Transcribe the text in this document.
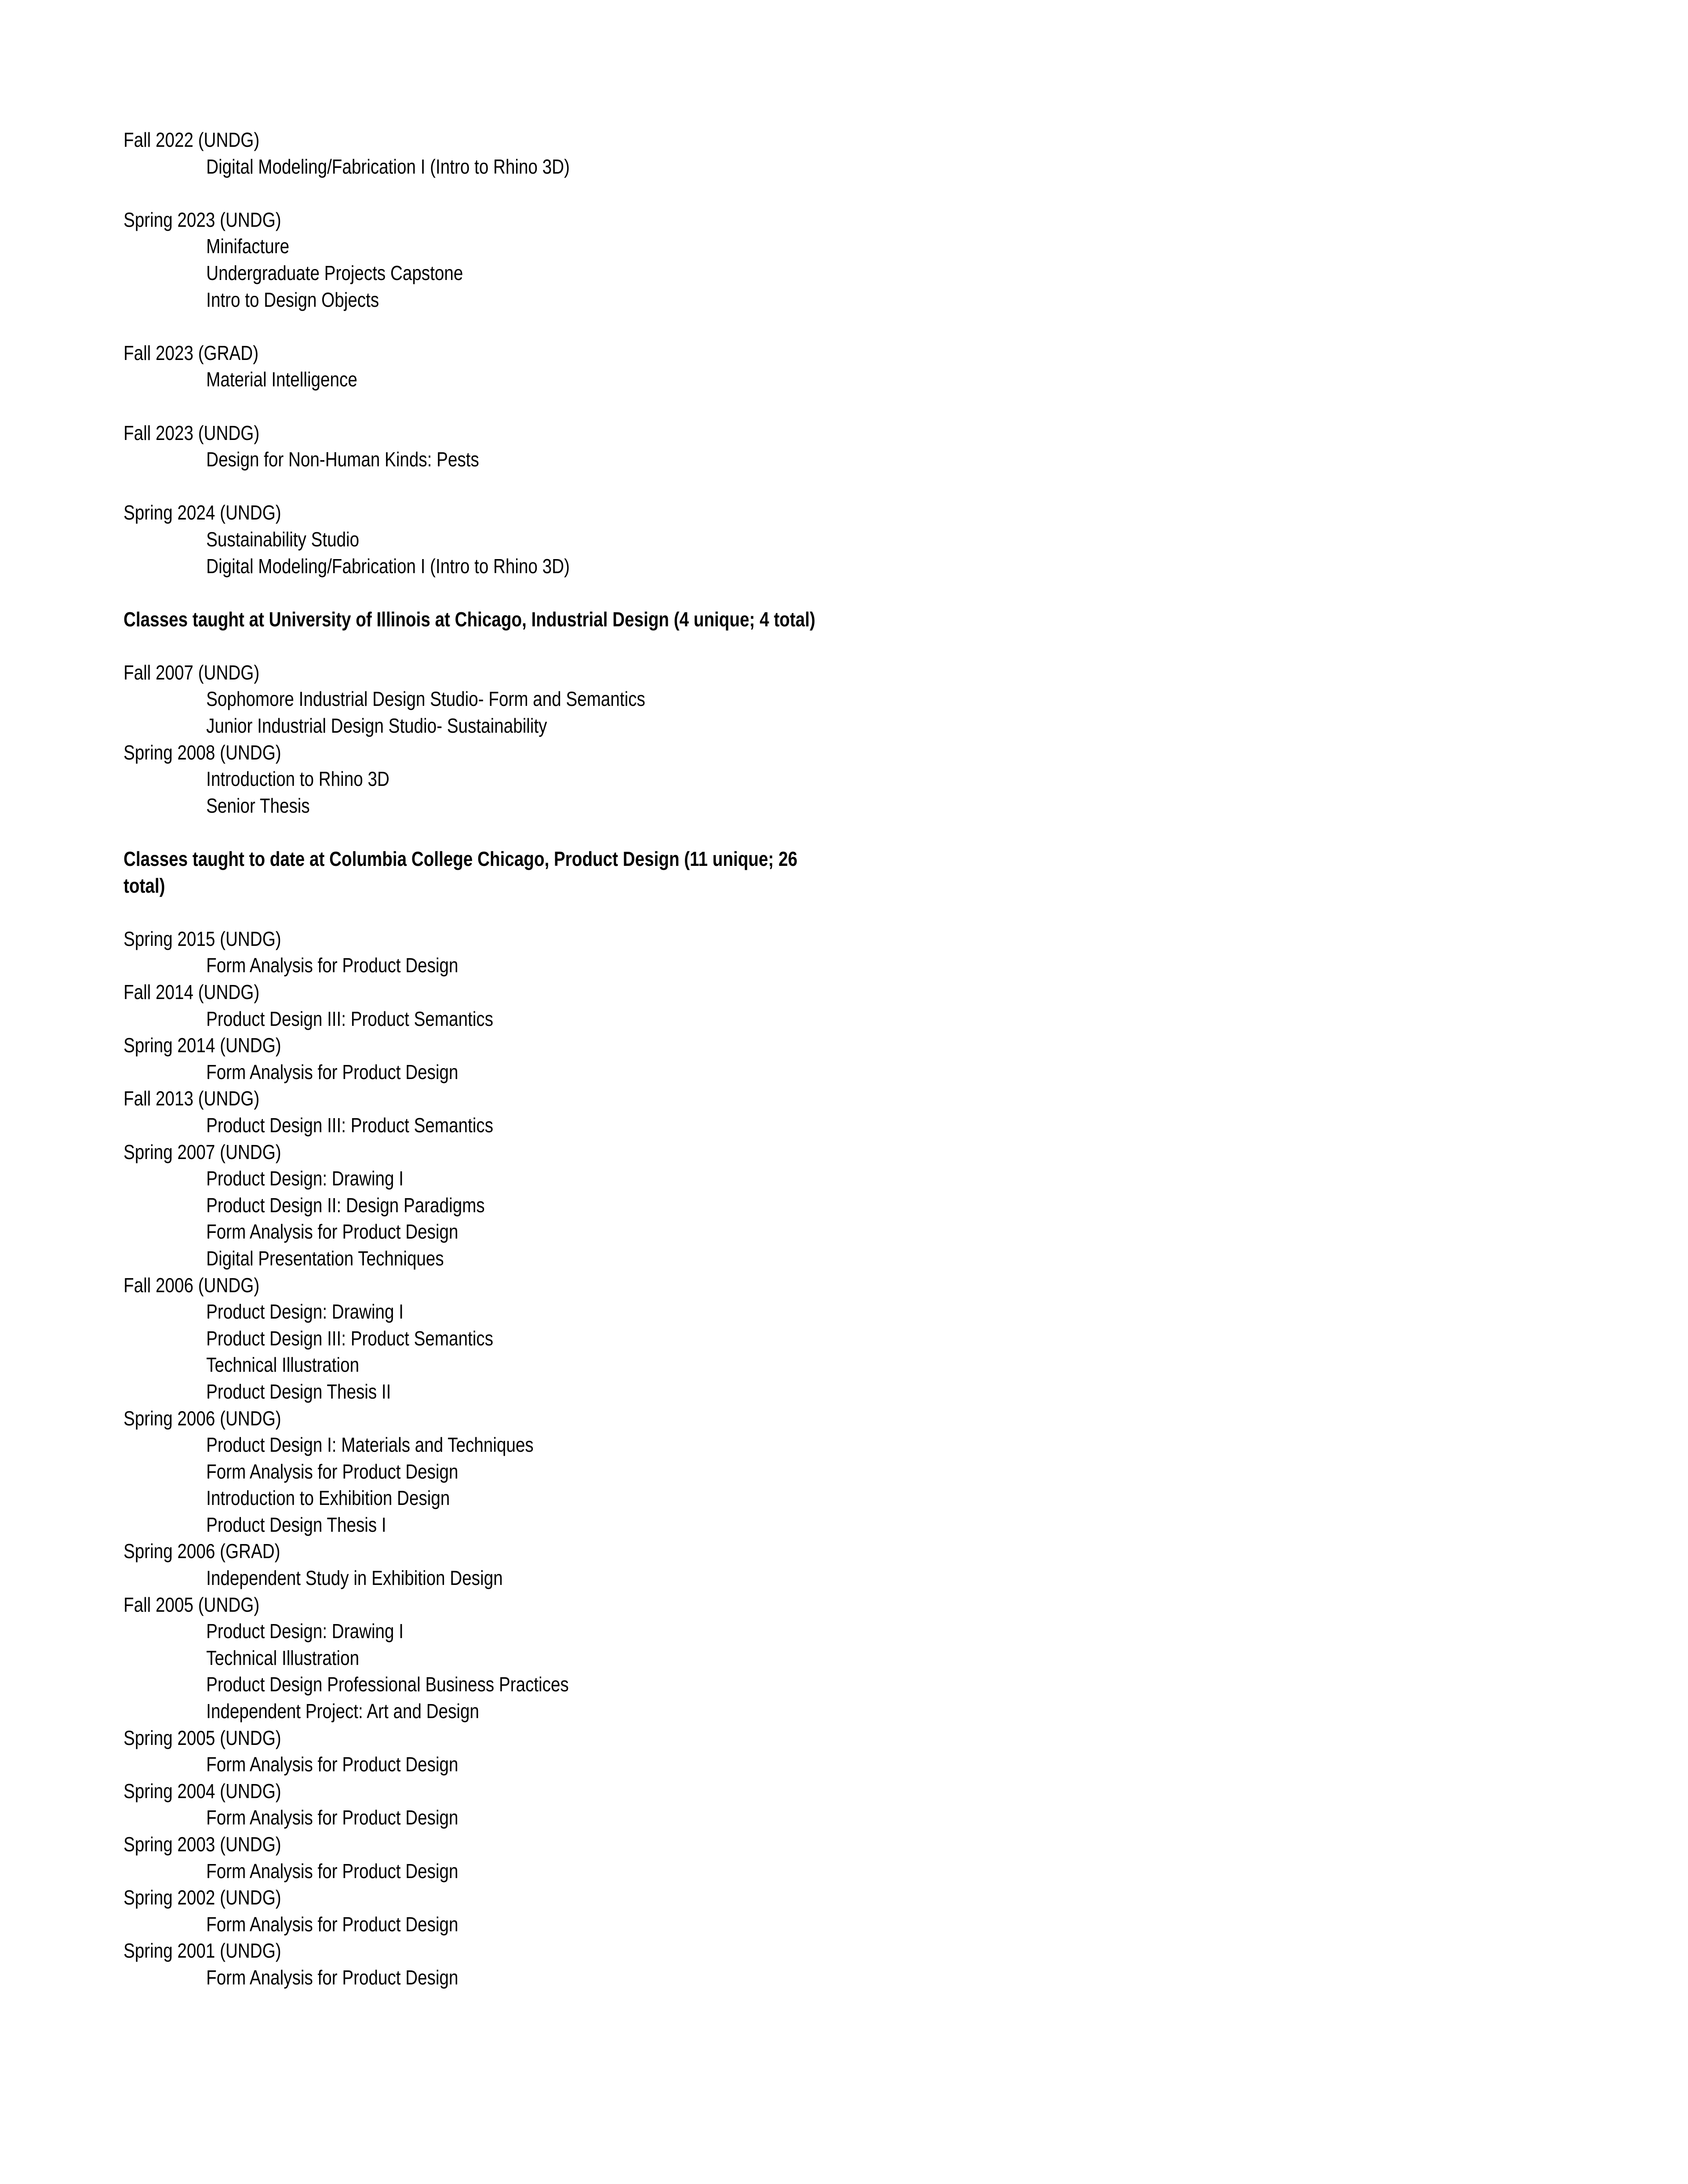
Fall 2022 (UNDG)
Digital Modeling/Fabrication I (Intro to Rhino 3D)
Spring 2023 (UNDG)
Minifacture
Undergraduate Projects Capstone
Intro to Design Objects
Fall 2023 (GRAD)
Material Intelligence
Fall 2023 (UNDG)
Design for Non-Human Kinds: Pests
Spring 2024 (UNDG)
Sustainability Studio
Digital Modeling/Fabrication I (Intro to Rhino 3D)
Classes taught at University of Illinois at Chicago, Industrial Design (4 unique; 4 total)
Fall 2007 (UNDG)
Sophomore Industrial Design Studio- Form and Semantics
Junior Industrial Design Studio- Sustainability
Spring 2008 (UNDG)
Introduction to Rhino 3D
Senior Thesis
Classes taught to date at Columbia College Chicago, Product Design (11 unique; 26 total)
Spring 2015 (UNDG)
Form Analysis for Product Design
Fall 2014 (UNDG)
Product Design III: Product Semantics
Spring 2014 (UNDG)
Form Analysis for Product Design
Fall 2013 (UNDG)
Product Design III: Product Semantics
Spring 2007 (UNDG)
Product Design: Drawing I
Product Design II: Design Paradigms
Form Analysis for Product Design
Digital Presentation Techniques
Fall 2006 (UNDG)
Product Design: Drawing I
Product Design III: Product Semantics
Technical Illustration
Product Design Thesis II
Spring 2006 (UNDG)
Product Design I: Materials and Techniques
Form Analysis for Product Design
Introduction to Exhibition Design
Product Design Thesis I
Spring 2006 (GRAD)
Independent Study in Exhibition Design
Fall 2005 (UNDG)
Product Design: Drawing I
Technical Illustration
Product Design Professional Business Practices
Independent Project: Art and Design
Spring 2005 (UNDG)
Form Analysis for Product Design
Spring 2004 (UNDG)
Form Analysis for Product Design
Spring 2003 (UNDG)
Form Analysis for Product Design
Spring 2002 (UNDG)
Form Analysis for Product Design
Spring 2001 (UNDG)
Form Analysis for Product Design
